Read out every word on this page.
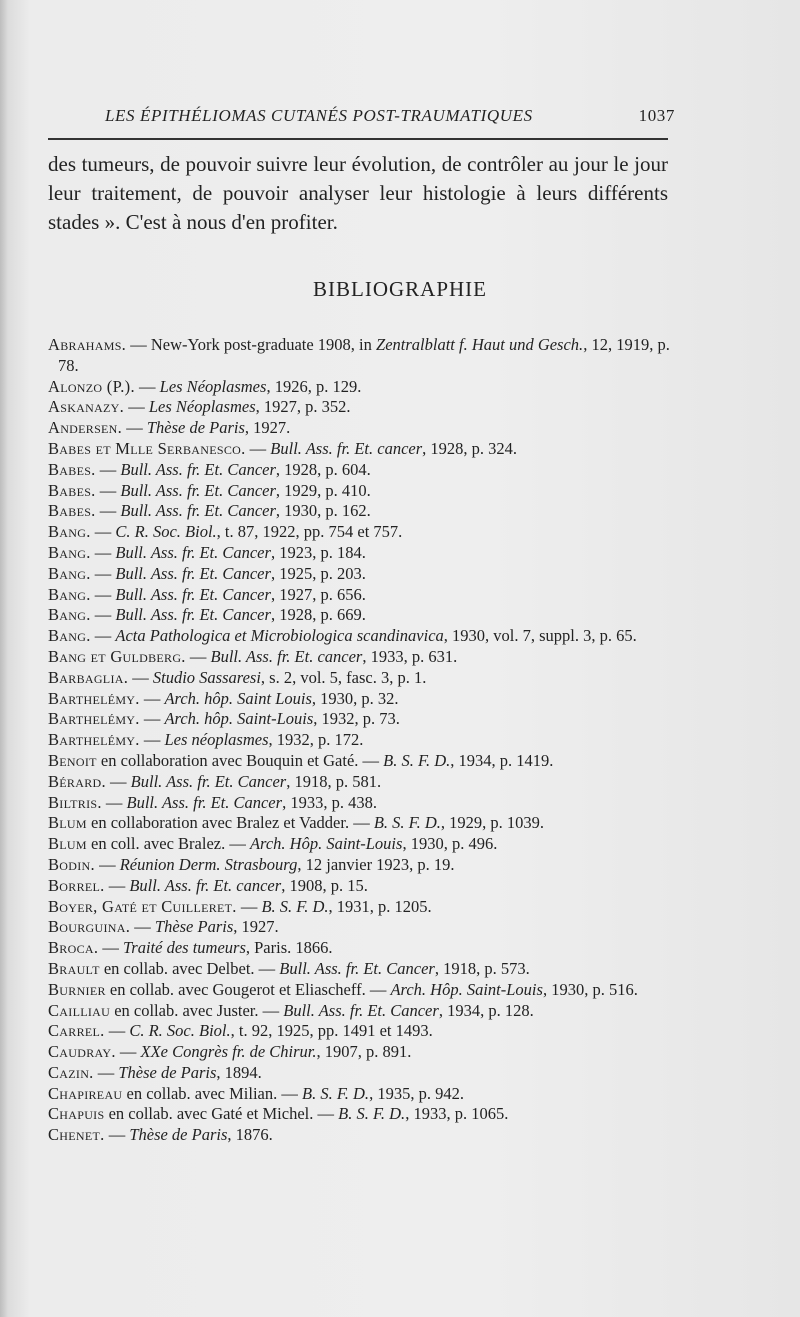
LES ÉPITHÉLIOMAS CUTANÉS POST-TRAUMATIQUES	1037

des tumeurs, de pouvoir suivre leur évolution, de contrôler au jour le jour leur traitement, de pouvoir analyser leur histologie à leurs différents stades ». C'est à nous d'en profiter.

BIBLIOGRAPHIE

Abrahams. — New-York post-graduate 1908, in Zentralblatt f. Haut und Gesch., 12, 1919, p. 78.

Alonzo (P.). — Les Néoplasmes, 1926, p. 129.

Askanazy. — Les Néoplasmes, 1927, p. 352.

Andersen. — Thèse de Paris, 1927.

Babes et Mlle Serbanesco. — Bull. Ass. fr. Et. cancer, 1928, p. 324.

Babes. — Bull. Ass. fr. Et. Cancer, 1928, p. 604.

Babes. — Bull. Ass. fr. Et. Cancer, 1929, p. 410.

Babes. — Bull. Ass. fr. Et. Cancer, 1930, p. 162.

Bang. — C. R. Soc. Biol., t. 87, 1922, pp. 754 et 757.

Bang. — Bull. Ass. fr. Et. Cancer, 1923, p. 184.

Bang. — Bull. Ass. fr. Et. Cancer, 1925, p. 203.

Bang. — Bull. Ass. fr. Et. Cancer, 1927, p. 656.

Bang. — Bull. Ass. fr. Et. Cancer, 1928, p. 669.

Bang. — Acta Pathologica et Microbiologica scandinavica, 1930, vol. 7, suppl. 3, p. 65.

Bang et Guldberg. — Bull. Ass. fr. Et. cancer, 1933, p. 631.

Barbaglia. — Studio Sassaresi, s. 2, vol. 5, fasc. 3, p. 1.

Barthelémy. — Arch. hôp. Saint Louis, 1930, p. 32.

Barthelémy. — Arch. hôp. Saint-Louis, 1932, p. 73.

Barthelémy. — Les néoplasmes, 1932, p. 172.

Benoit en collaboration avec Bouquin et Gaté. — B. S. F. D., 1934, p. 1419.

Bérard. — Bull. Ass. fr. Et. Cancer, 1918, p. 581.

Biltris. — Bull. Ass. fr. Et. Cancer, 1933, p. 438.

Blum en collaboration avec Bralez et Vadder. — B. S. F. D., 1929, p. 1039.

Blum en coll. avec Bralez. — Arch. Hôp. Saint-Louis, 1930, p. 496.

Bodin. — Réunion Derm. Strasbourg, 12 janvier 1923, p. 19.

Borrel. — Bull. Ass. fr. Et. cancer, 1908, p. 15.

Boyer, Gaté et Cuilleret. — B. S. F. D., 1931, p. 1205.

Bourguina. — Thèse Paris, 1927.

Broca. — Traité des tumeurs, Paris. 1866.

Brault en collab. avec Delbet. — Bull. Ass. fr. Et. Cancer, 1918, p. 573.

Burnier en collab. avec Gougerot et Eliascheff. — Arch. Hôp. Saint-Louis, 1930, p. 516.

Cailliau en collab. avec Juster. — Bull. Ass. fr. Et. Cancer, 1934, p. 128.

Carrel. — C. R. Soc. Biol., t. 92, 1925, pp. 1491 et 1493.

Caudray. — XXe Congrès fr. de Chirur., 1907, p. 891.

Cazin. — Thèse de Paris, 1894.

Chapireau en collab. avec Milian. — B. S. F. D., 1935, p. 942.

Chapuis en collab. avec Gaté et Michel. — B. S. F. D., 1933, p. 1065.

Chenet. — Thèse de Paris, 1876.
